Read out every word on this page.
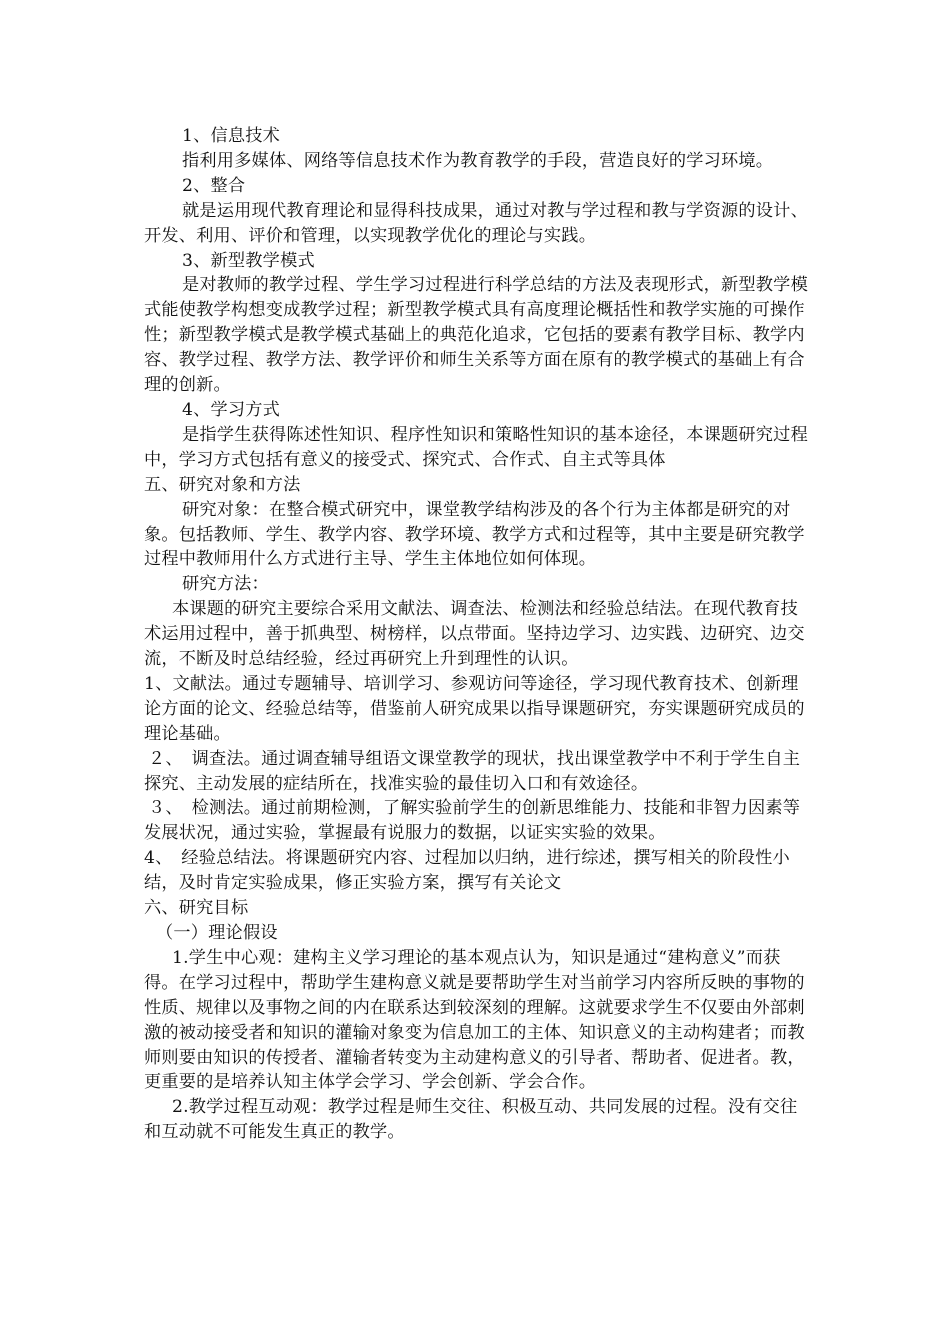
1、信息技术

指利用多媒体、网络等信息技术作为教育教学的手段，营造良好的学习环境。

2、整合

就是运用现代教育理论和显得科技成果，通过对教与学过程和教与学资源的设计、开发、利用、评价和管理，以实现教学优化的理论与实践。

3、新型教学模式

是对教师的教学过程、学生学习过程进行科学总结的方法及表现形式，新型教学模式能使教学构想变成教学过程；新型教学模式具有高度理论概括性和教学实施的可操作性；新型教学模式是教学模式基础上的典范化追求，它包括的要素有教学目标、教学内容、教学过程、教学方法、教学评价和师生关系等方面在原有的教学模式的基础上有合理的创新。

4、学习方式

是指学生获得陈述性知识、程序性知识和策略性知识的基本途径，本课题研究过程中，学习方式包括有意义的接受式、探究式、合作式、自主式等具体

五、研究对象和方法

研究对象：在整合模式研究中，课堂教学结构涉及的各个行为主体都是研究的对象。包括教师、学生、教学内容、教学环境、教学方式和过程等，其中主要是研究教学过程中教师用什么方式进行主导、学生主体地位如何体现。

研究方法：

本课题的研究主要综合采用文献法、调查法、检测法和经验总结法。在现代教育技术运用过程中，善于抓典型、树榜样，以点带面。坚持边学习、边实践、边研究、边交流，不断及时总结经验，经过再研究上升到理性的认识。

1、文献法。通过专题辅导、培训学习、参观访问等途径，学习现代教育技术、创新理论方面的论文、经验总结等，借鉴前人研究成果以指导课题研究，夯实课题研究成员的理论基础。

２、　调查法。通过调查辅导组语文课堂教学的现状，找出课堂教学中不利于学生自主探究、主动发展的症结所在，找准实验的最佳切入口和有效途径。

３、　检测法。通过前期检测，了解实验前学生的创新思维能力、技能和非智力因素等发展状况，通过实验，掌握最有说服力的数据，以证实实验的效果。

4、　经验总结法。将课题研究内容、过程加以归纳，进行综述，撰写相关的阶段性小结，及时肯定实验成果，修正实验方案，撰写有关论文

六、研究目标

（一）理论假设

1.学生中心观：建构主义学习理论的基本观点认为，知识是通过“建构意义”而获得。在学习过程中，帮助学生建构意义就是要帮助学生对当前学习内容所反映的事物的性质、规律以及事物之间的内在联系达到较深刻的理解。这就要求学生不仅要由外部刺激的被动接受者和知识的灌输对象变为信息加工的主体、知识意义的主动构建者；而教师则要由知识的传授者、灌输者转变为主动建构意义的引导者、帮助者、促进者。教，更重要的是培养认知主体学会学习、学会创新、学会合作。

2.教学过程互动观：教学过程是师生交往、积极互动、共同发展的过程。没有交往和互动就不可能发生真正的教学。
